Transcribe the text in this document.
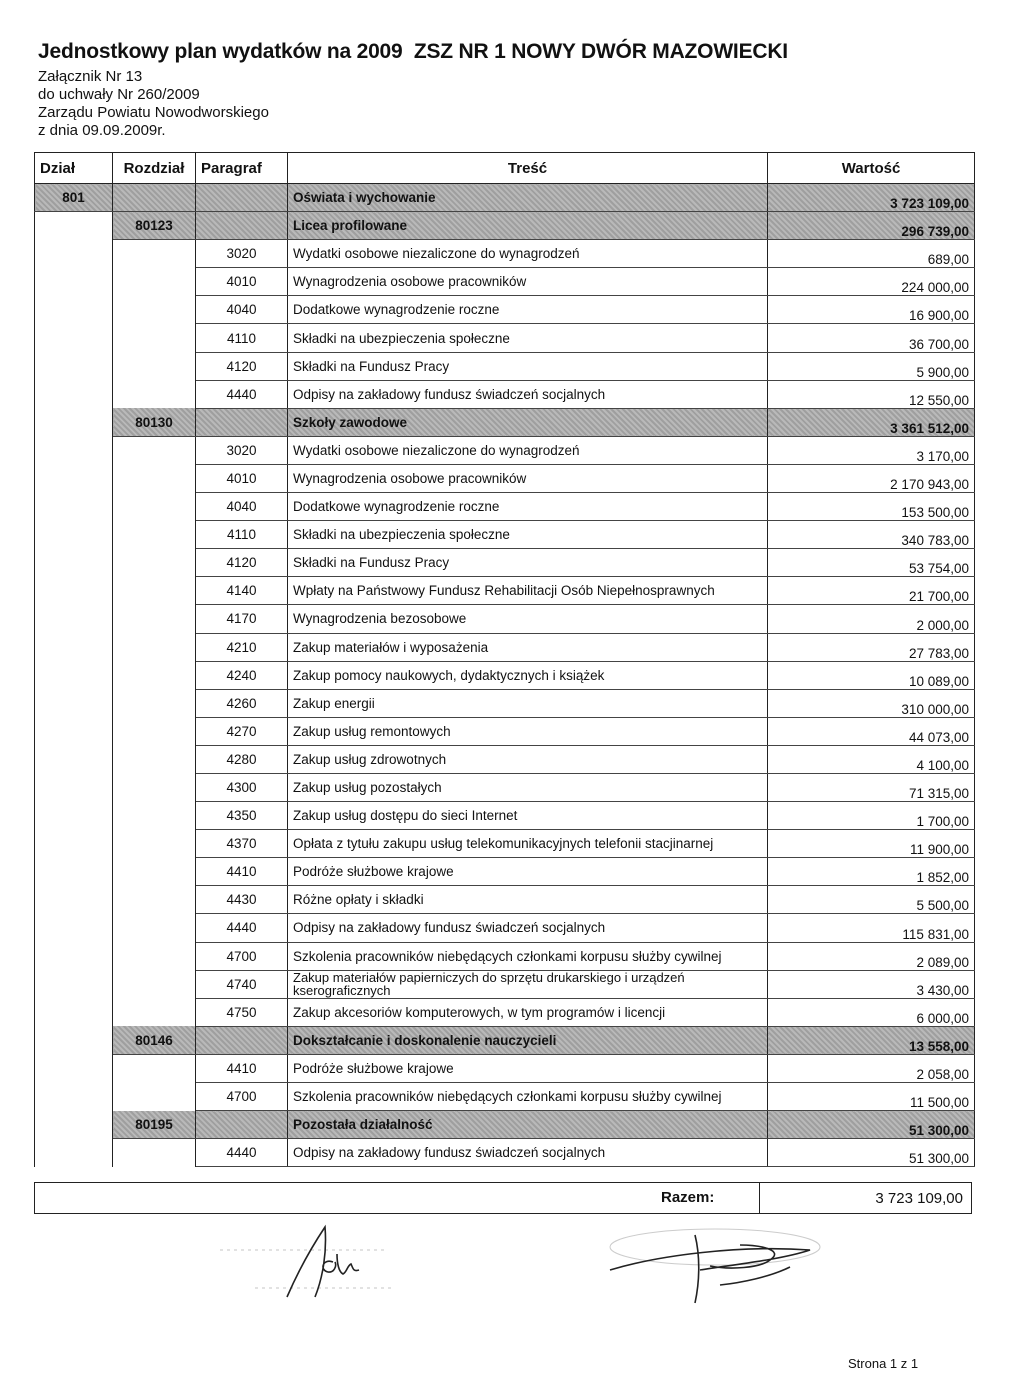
Jednostkowy plan wydatków na 2009 ZSZ NR 1 NOWY DWÓR MAZOWIECKI

Załącznik Nr 13

do uchwały Nr 260/2009

Zarządu Powiatu Nowodworskiego

z dnia 09.09.2009r.

Dział	Rozdział	Paragraf	Treść	Wartość
801			Oświata i wychowanie	3 723 109,00
	80123		Licea profilowane	296 739,00
		3020	Wydatki osobowe niezaliczone do wynagrodzeń	689,00
		4010	Wynagrodzenia osobowe pracowników	224 000,00
		4040	Dodatkowe wynagrodzenie roczne	16 900,00
		4110	Składki na ubezpieczenia społeczne	36 700,00
		4120	Składki na Fundusz Pracy	5 900,00
		4440	Odpisy na zakładowy fundusz świadczeń socjalnych	12 550,00
	80130		Szkoły zawodowe	3 361 512,00
		3020	Wydatki osobowe niezaliczone do wynagrodzeń	3 170,00
		4010	Wynagrodzenia osobowe pracowników	2 170 943,00
		4040	Dodatkowe wynagrodzenie roczne	153 500,00
		4110	Składki na ubezpieczenia społeczne	340 783,00
		4120	Składki na Fundusz Pracy	53 754,00
		4140	Wpłaty na Państwowy Fundusz Rehabilitacji Osób Niepełnosprawnych	21 700,00
		4170	Wynagrodzenia bezosobowe	2 000,00
		4210	Zakup materiałów i wyposażenia	27 783,00
		4240	Zakup pomocy naukowych, dydaktycznych i książek	10 089,00
		4260	Zakup energii	310 000,00
		4270	Zakup usług remontowych	44 073,00
		4280	Zakup usług zdrowotnych	4 100,00
		4300	Zakup usług pozostałych	71 315,00
		4350	Zakup usług dostępu do sieci Internet	1 700,00
		4370	Opłata z tytułu zakupu usług telekomunikacyjnych telefonii stacjinarnej	11 900,00
		4410	Podróże służbowe krajowe	1 852,00
		4430	Różne opłaty i składki	5 500,00
		4440	Odpisy na zakładowy fundusz świadczeń socjalnych	115 831,00
		4700	Szkolenia pracowników niebędących członkami korpusu służby cywilnej	2 089,00
		4740	Zakup materiałów papierniczych do sprzętu drukarskiego i urządzeń kserograficznych	3 430,00
		4750	Zakup akcesoriów komputerowych, w tym programów i licencji	6 000,00
	80146		Dokształcanie i doskonalenie nauczycieli	13 558,00
		4410	Podróże służbowe krajowe	2 058,00
		4700	Szkolenia pracowników niebędących członkami korpusu służby cywilnej	11 500,00
	80195		Pozostała działalność	51 300,00
		4440	Odpisy na zakładowy fundusz świadczeń socjalnych	51 300,00
Razem:	3 723 109,00
Strona 1 z 1
